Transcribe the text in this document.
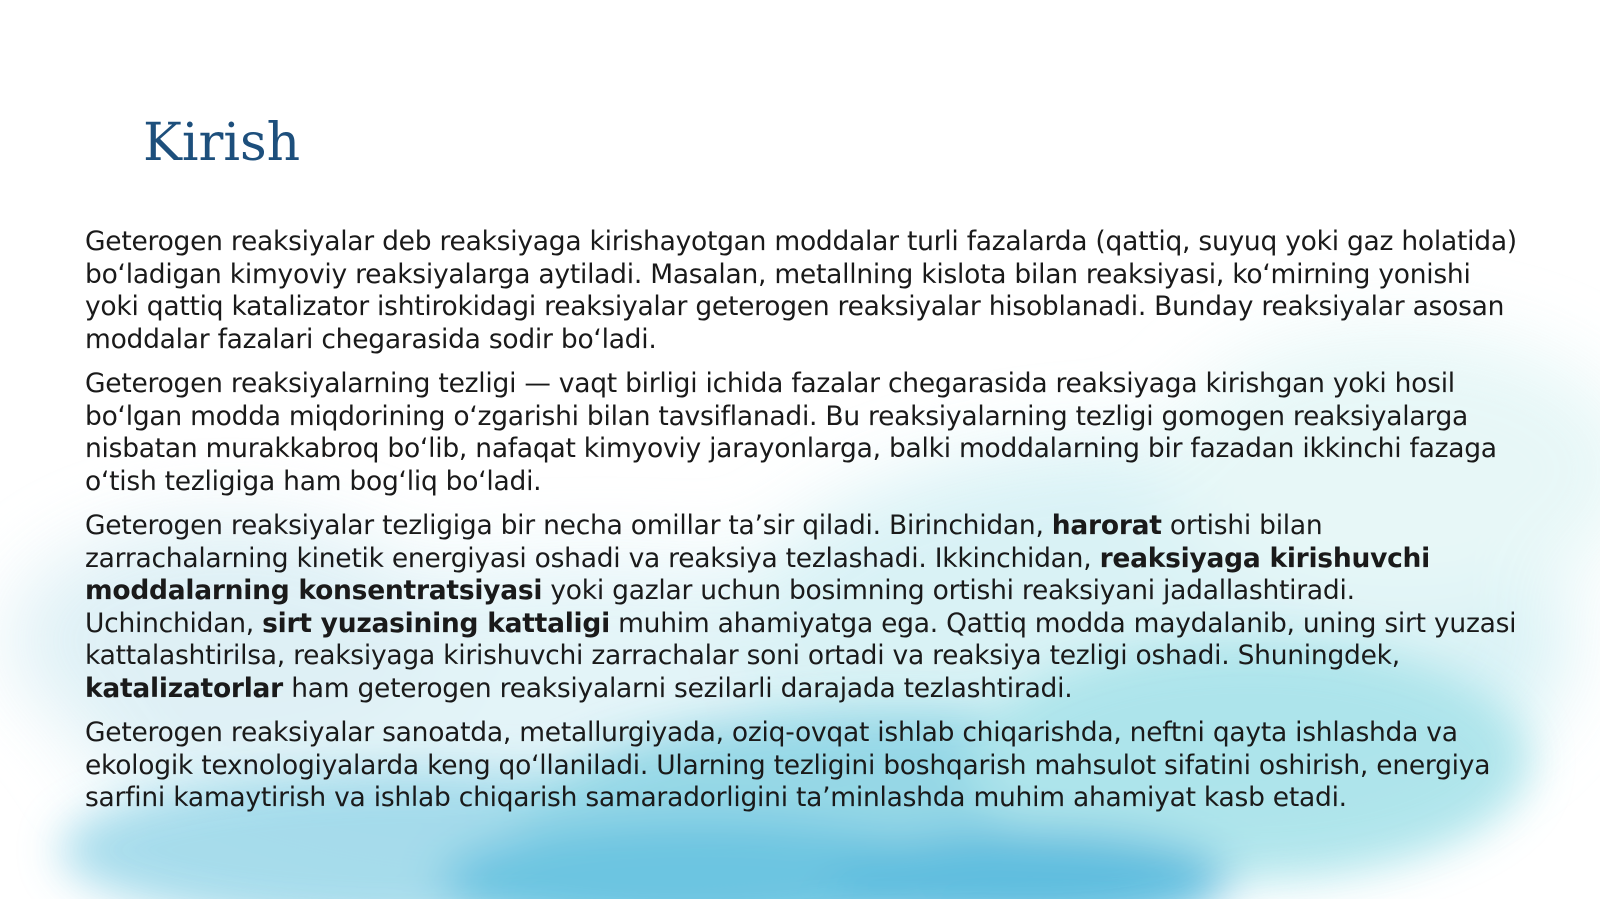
Kirish

Geterogen reaksiyalar deb reaksiyaga kirishayotgan moddalar turli fazalarda (qattiq, suyuq yoki gaz holatida) bo‘ladigan kimyoviy reaksiyalarga aytiladi. Masalan, metallning kislota bilan reaksiyasi, ko‘mirning yonishi yoki qattiq katalizator ishtirokidagi reaksiyalar geterogen reaksiyalar hisoblanadi. Bunday reaksiyalar asosan moddalar fazalari chegarasida sodir bo‘ladi.

Geterogen reaksiyalarning tezligi — vaqt birligi ichida fazalar chegarasida reaksiyaga kirishgan yoki hosil bo‘lgan modda miqdorining o‘zgarishi bilan tavsiflanadi. Bu reaksiyalarning tezligi gomogen reaksiyalarga nisbatan murakkabroq bo‘lib, nafaqat kimyoviy jarayonlarga, balki moddalarning bir fazadan ikkinchi fazaga o‘tish tezligiga ham bog‘liq bo‘ladi.

Geterogen reaksiyalar tezligiga bir necha omillar ta’sir qiladi. Birinchidan, harorat ortishi bilan zarrachalarning kinetik energiyasi oshadi va reaksiya tezlashadi. Ikkinchidan, reaksiyaga kirishuvchi moddalarning konsentratsiyasi yoki gazlar uchun bosimning ortishi reaksiyani jadallashtiradi. Uchinchidan, sirt yuzasining kattaligi muhim ahamiyatga ega. Qattiq modda maydalanib, uning sirt yuzasi kattalashtirilsa, reaksiyaga kirishuvchi zarrachalar soni ortadi va reaksiya tezligi oshadi. Shuningdek, katalizatorlar ham geterogen reaksiyalarni sezilarli darajada tezlashtiradi.

Geterogen reaksiyalar sanoatda, metallurgiyada, oziq-ovqat ishlab chiqarishda, neftni qayta ishlashda va ekologik texnologiyalarda keng qo‘llaniladi. Ularning tezligini boshqarish mahsulot sifatini oshirish, energiya sarfini kamaytirish va ishlab chiqarish samaradorligini ta’minlashda muhim ahamiyat kasb etadi.
